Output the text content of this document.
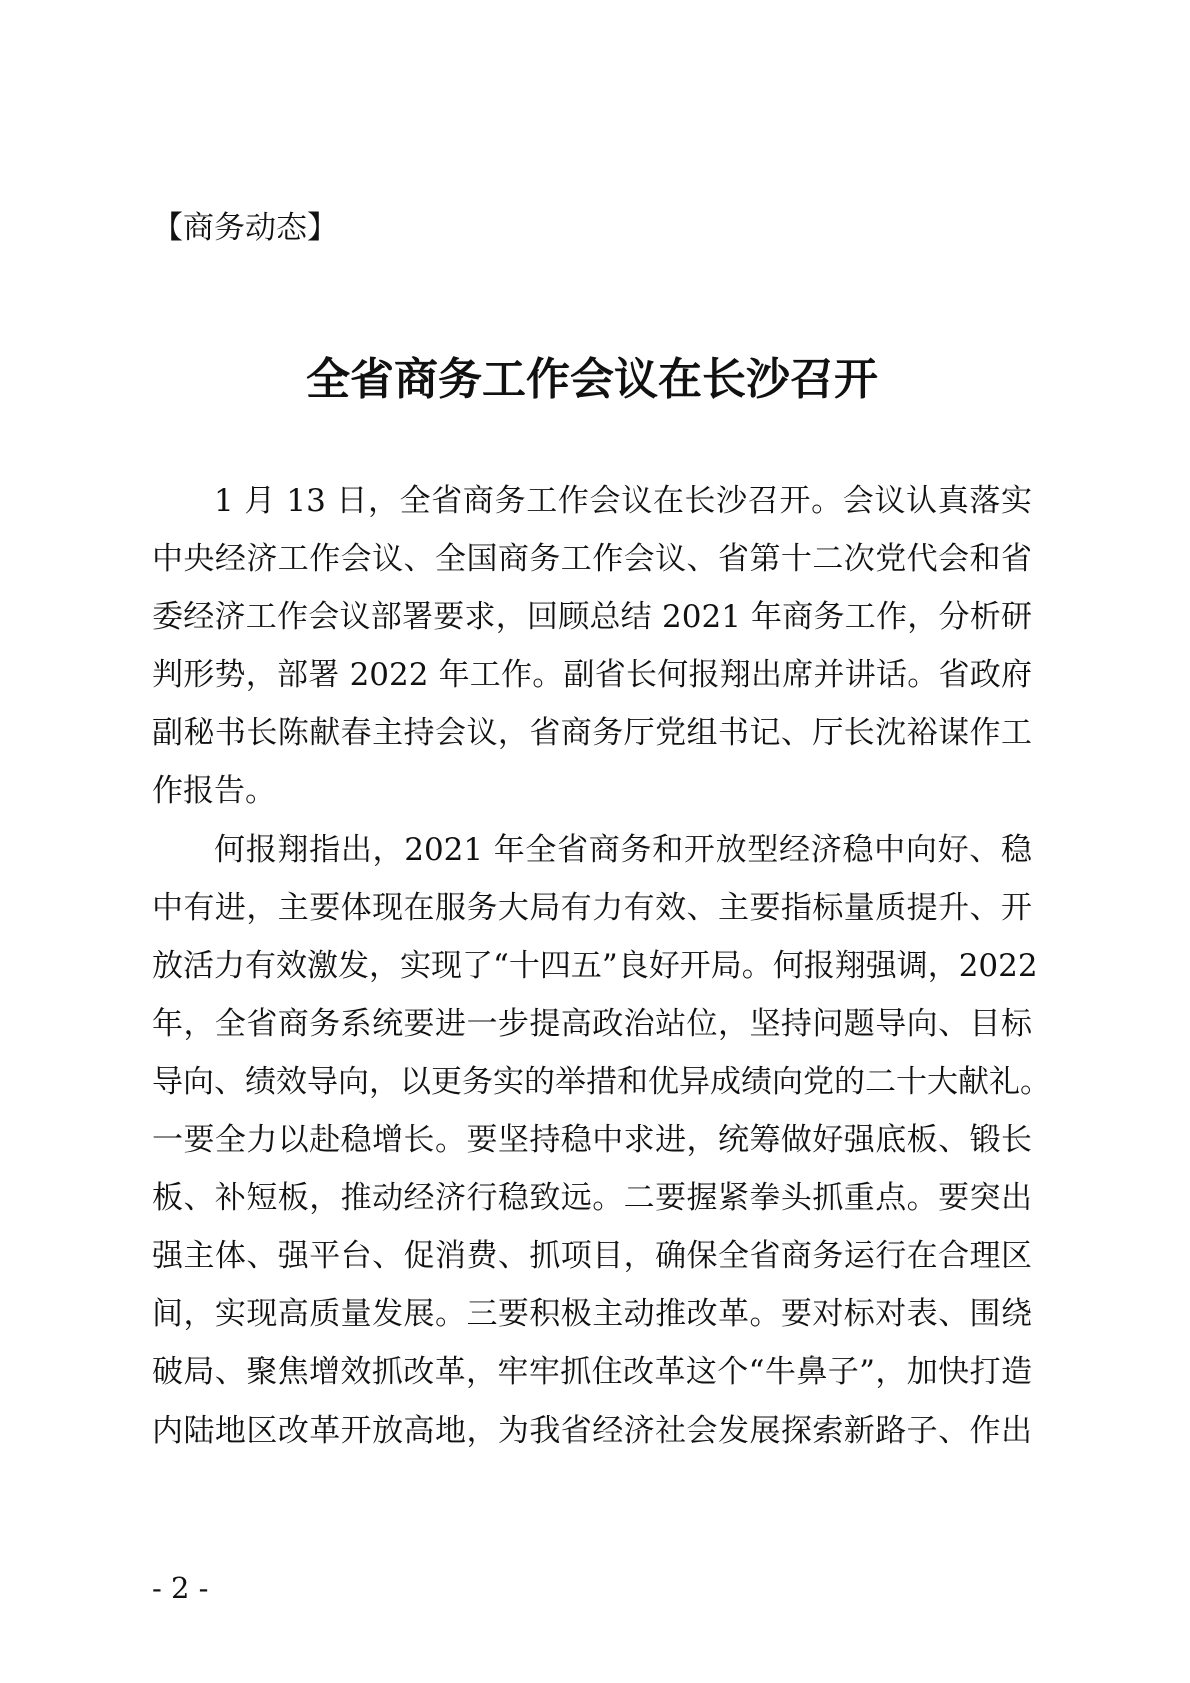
【商务动态】
全省商务工作会议在长沙召开
1 月 13 日，全省商务工作会议在长沙召开。会议认真落实
中央经济工作会议、全国商务工作会议、省第十二次党代会和省
委经济工作会议部署要求，回顾总结 2021 年商务工作，分析研
判形势，部署 2022 年工作。副省长何报翔出席并讲话。省政府
副秘书长陈献春主持会议，省商务厅党组书记、厅长沈裕谋作工
作报告。
何报翔指出，2021 年全省商务和开放型经济稳中向好、稳
中有进，主要体现在服务大局有力有效、主要指标量质提升、开
放活力有效激发，实现了“十四五”良好开局。何报翔强调，2022
年，全省商务系统要进一步提高政治站位，坚持问题导向、目标
导向、绩效导向，以更务实的举措和优异成绩向党的二十大献礼。
一要全力以赴稳增长。要坚持稳中求进，统筹做好强底板、锻长
板、补短板，推动经济行稳致远。二要握紧拳头抓重点。要突出
强主体、强平台、促消费、抓项目，确保全省商务运行在合理区
间，实现高质量发展。三要积极主动推改革。要对标对表、围绕
破局、聚焦增效抓改革，牢牢抓住改革这个“牛鼻子”，加快打造
内陆地区改革开放高地，为我省经济社会发展探索新路子、作出
- 2 -
